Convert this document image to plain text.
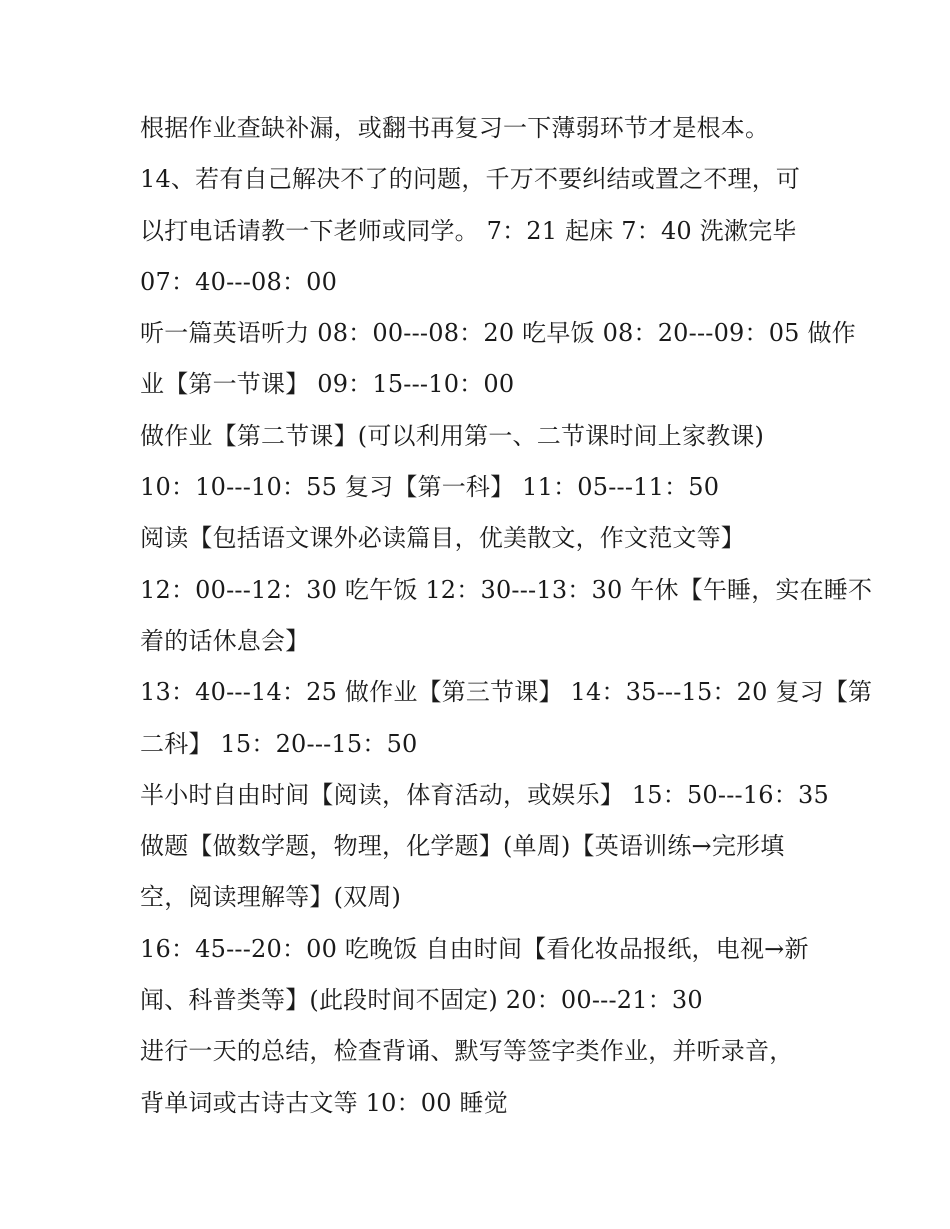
根据作业查缺补漏，或翻书再复习一下薄弱环节才是根本。
14、若有自己解决不了的问题，千万不要纠结或置之不理，可
以打电话请教一下老师或同学。 7：21 起床 7：40 洗漱完毕
07：40---08：00
听一篇英语听力 08：00---08：20 吃早饭 08：20---09：05 做作
业【第一节课】 09：15---10：00
做作业【第二节课】(可以利用第一、二节课时间上家教课)
10：10---10：55 复习【第一科】 11：05---11：50
阅读【包括语文课外必读篇目，优美散文，作文范文等】
12：00---12：30 吃午饭 12：30---13：30 午休【午睡，实在睡不
着的话休息会】
13：40---14：25 做作业【第三节课】 14：35---15：20 复习【第
二科】 15：20---15：50
半小时自由时间【阅读，体育活动，或娱乐】 15：50---16：35
做题【做数学题，物理，化学题】(单周)【英语训练→完形填
空，阅读理解等】(双周)
16：45---20：00 吃晚饭 自由时间【看化妆品报纸，电视→新
闻、科普类等】(此段时间不固定) 20：00---21：30
进行一天的总结，检查背诵、默写等签字类作业，并听录音，
背单词或古诗古文等 10：00 睡觉
